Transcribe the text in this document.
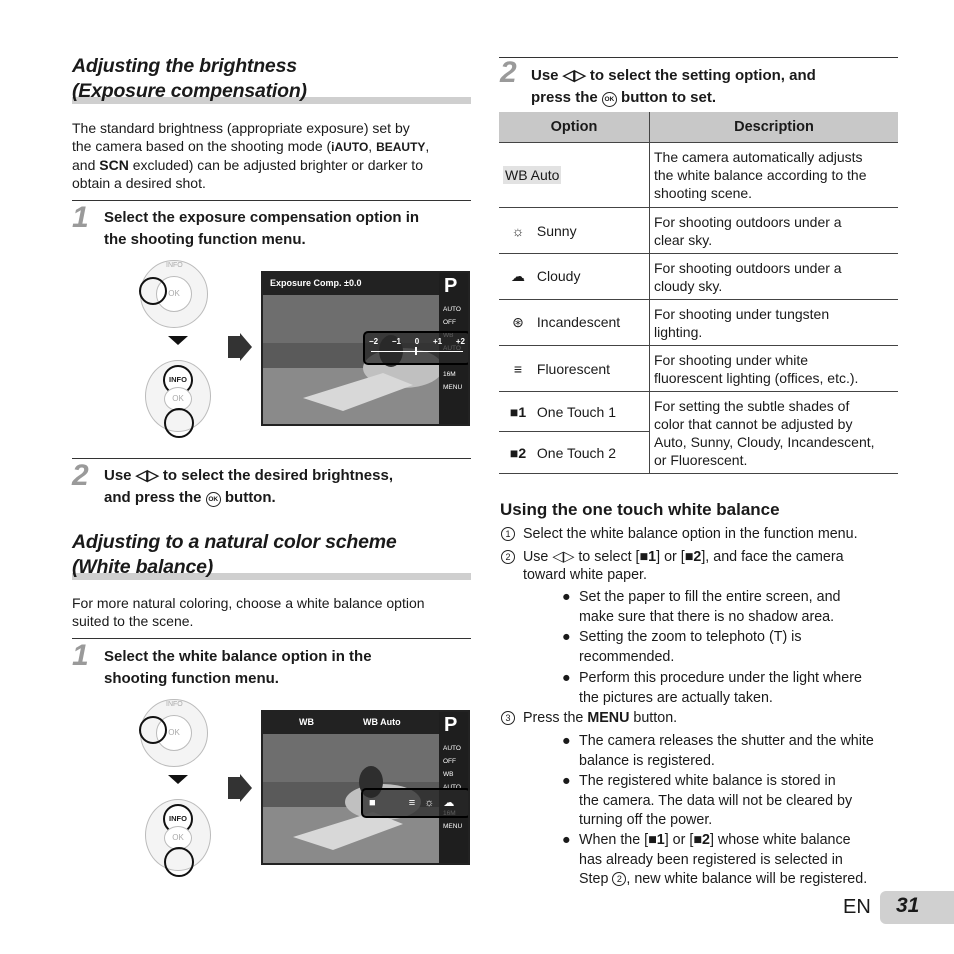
Adjusting the brightness
(Exposure compensation)
The standard brightness (appropriate exposure) set by
the camera based on the shooting mode (iAUTO, BEAUTY,
and SCN excluded) can be adjusted brighter or darker to
obtain a desired shot.
1 Select the exposure compensation option in
the shooting function menu.
OK
INFO
INFO
OK
Exposure Comp. ±0.0	P
AUTO
OFF

16M
MENU
−2 −1 0 +1 +2
2 Use ◁▷ to select the desired brightness,
and press the OK button.
Adjusting to a natural color scheme
(White balance)
For more natural coloring, choose a white balance option
suited to the scene.
1 Select the white balance option in the
shooting function menu.
OK
INFO
INFO
OK
WB	WB Auto P
AUTO
OFF
WB

MENU
■	≡ ☼ ☁
2 Use ◁▷ to select the setting option, and
press the OK button to set.
Option	Description
WB Auto	The camera automatically adjusts
the white balance according to the
shooting scene.

☼ Sunny	For shooting outdoors under a
clear sky.

☁ Cloudy	For shooting outdoors under a
cloudy sky.

⊛ Incandescent	For shooting under tungsten
lighting.

≡ Fluorescent	For shooting under white
fluorescent lighting (offices, etc.).

■1 One Touch 1	For setting the subtle shades of
color that cannot be adjusted by
Auto, Sunny, Cloudy, Incandescent,
or Fluorescent.

■2 One Touch 2	
Using the one touch white balance
1 Select the white balance option in the function menu.
2 Use ◁▷ to select [■1] or [■2], and face the camera
toward white paper.
● Set the paper to fill the entire screen, and
make sure that there is no shadow area.
● Setting the zoom to telephoto (T) is
recommended.
● Perform this procedure under the light where
the pictures are actually taken.
3 Press the MENU button.
● The camera releases the shutter and the white
balance is registered.
● The registered white balance is stored in
the camera. The data will not be cleared by
turning off the power.
● When the [■1] or [■2] whose white balance
has already been registered is selected in
Step 2 , new white balance will be registered.
EN 31
